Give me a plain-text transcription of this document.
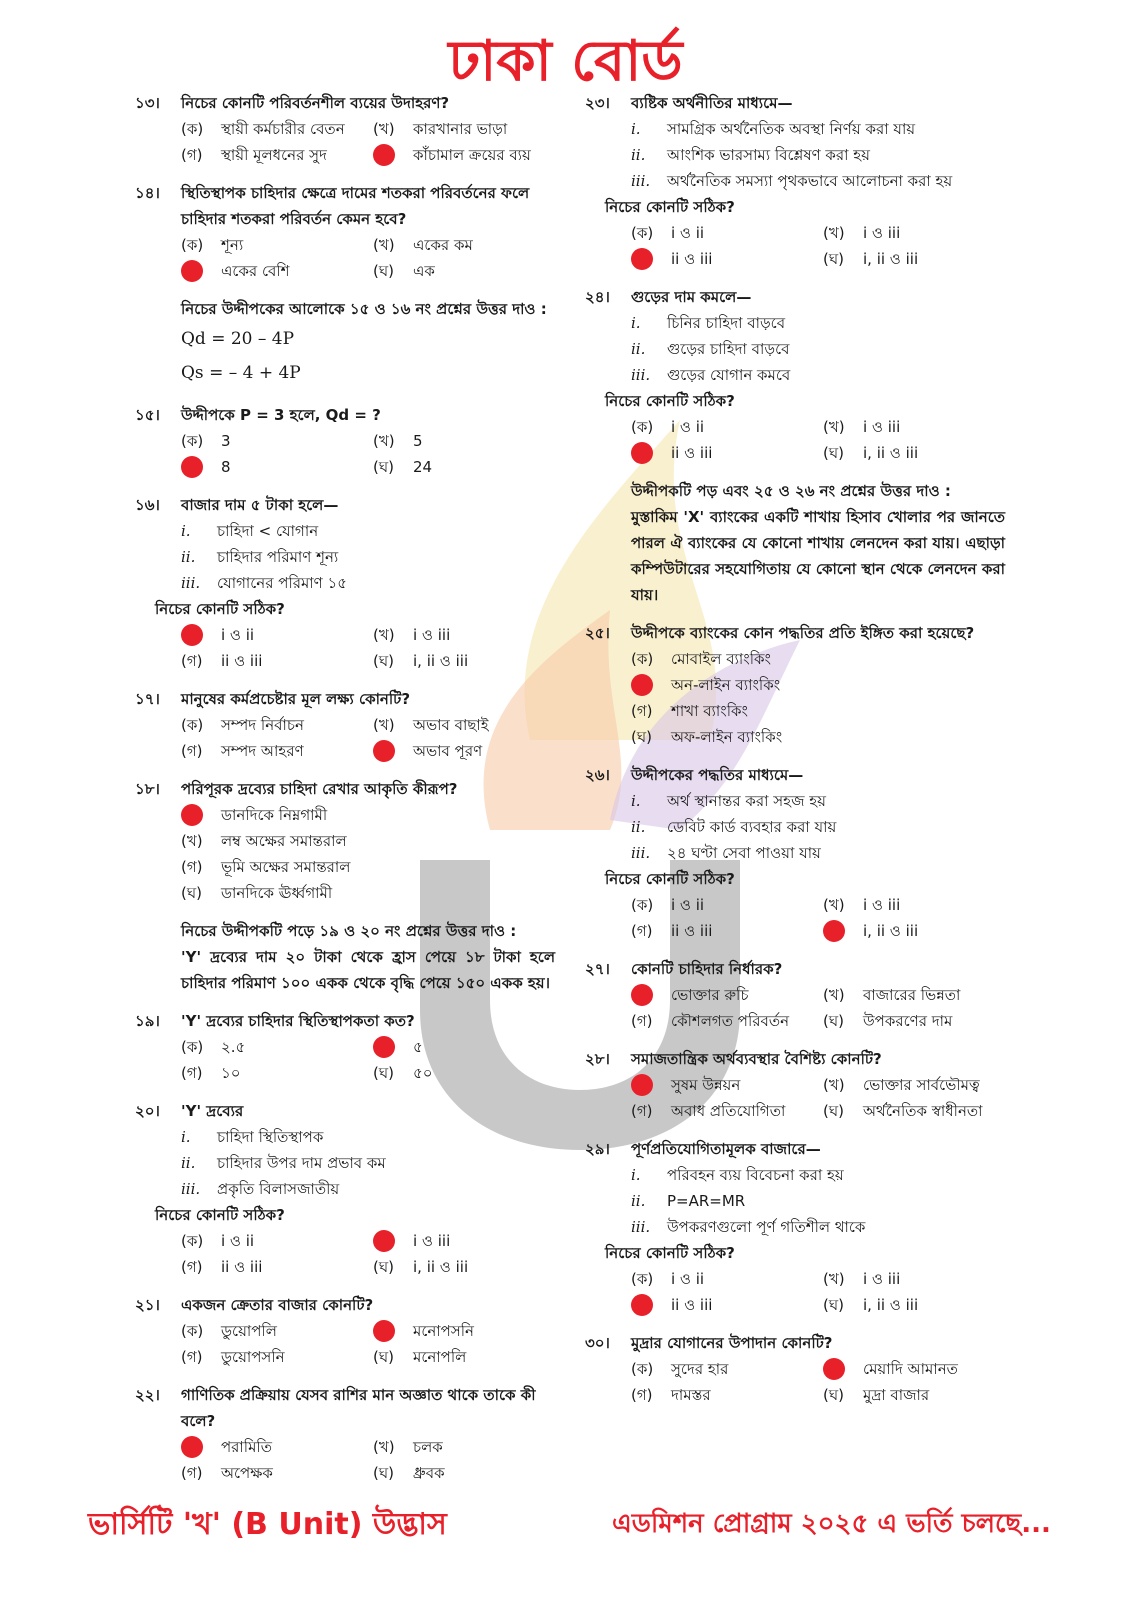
ঢাকা বোর্ড
১৩।	নিচের কোনটি পরিবর্তনশীল ব্যয়ের উদাহরণ?
(ক)	স্থায়ী কর্মচারীর বেতন (খ)	কারখানার ভাড়া
(গ)	স্থায়ী মূলধনের সুদ	কাঁচামাল ক্রয়ের ব্যয়
১৪।	স্থিতিস্থাপক চাহিদার ক্ষেত্রে দামের শতকরা পরিবর্তনের ফলে চাহিদার শতকরা পরিবর্তন কেমন হবে?
(ক)	শূন্য	(খ)	একের কম
একের বেশি	(ঘ)	এক
নিচের উদ্দীপকের আলোকে ১৫ ও ১৬ নং প্রশ্নের উত্তর দাও :
Qd = 20 – 4P
Qs = – 4 + 4P
১৫।	উদ্দীপকে P = 3 হলে, Qd = ?
(ক)	3	(খ)	5
8	(ঘ)	24
১৬।	বাজার দাম ৫ টাকা হলে—
i.	চাহিদা < যোগান
ii.	চাহিদার পরিমাণ শূন্য
iii.	যোগানের পরিমাণ ১৫
নিচের কোনটি সঠিক?
i ও ii	(খ)	i ও iii
(গ)	ii ও iii	(ঘ)	i, ii ও iii
১৭।	মানুষের কর্মপ্রচেষ্টার মূল লক্ষ্য কোনটি?
(ক)	সম্পদ নির্বাচন	(খ)	অভাব বাছাই
(গ)	সম্পদ আহরণ	অভাব পূরণ
১৮।	পরিপূরক দ্রব্যের চাহিদা রেখার আকৃতি কীরূপ?
ডানদিকে নিম্নগামী
(খ)	লম্ব অক্ষের সমান্তরাল
(গ)	ভূমি অক্ষের সমান্তরাল
(ঘ)	ডানদিকে ঊর্ধ্বগামী
নিচের উদ্দীপকটি পড়ে ১৯ ও ২০ নং প্রশ্নের উত্তর দাও :
'Y' দ্রব্যের দাম ২০ টাকা থেকে হ্রাস পেয়ে ১৮ টাকা হলে চাহিদার পরিমাণ ১০০ একক থেকে বৃদ্ধি পেয়ে ১৫০ একক হয়।
১৯।	'Y' দ্রব্যের চাহিদার স্থিতিস্থাপকতা কত?
(ক)	২.৫	৫
(গ)	১০	(ঘ)	৫০
২০।	'Y' দ্রব্যের
i.	চাহিদা স্থিতিস্থাপক
ii.	চাহিদার উপর দাম প্রভাব কম
iii.	প্রকৃতি বিলাসজাতীয়
নিচের কোনটি সঠিক?
(ক)	i ও ii	i ও iii
(গ)	ii ও iii	(ঘ)	i, ii ও iii
২১।	একজন ক্রেতার বাজার কোনটি?
(ক)	ডুয়োপলি	মনোপসনি
(গ)	ডুয়োপসনি	(ঘ)	মনোপলি
২২।	গাণিতিক প্রক্রিয়ায় যেসব রাশির মান অজ্ঞাত থাকে তাকে কী বলে?
পরামিতি	(খ)	চলক
(গ)	অপেক্ষক	(ঘ)	ধ্রুবক
২৩।	ব্যষ্টিক অর্থনীতির মাধ্যমে—
i.	সামগ্রিক অর্থনৈতিক অবস্থা নির্ণয় করা যায়
ii.	আংশিক ভারসাম্য বিশ্লেষণ করা হয়
iii.	অর্থনৈতিক সমস্যা পৃথকভাবে আলোচনা করা হয়
নিচের কোনটি সঠিক?
(ক)	i ও ii	(খ)	i ও iii
ii ও iii	(ঘ)	i, ii ও iii
২৪।	গুড়ের দাম কমলে—
i.	চিনির চাহিদা বাড়বে
ii.	গুড়ের চাহিদা বাড়বে
iii.	গুড়ের যোগান কমবে
নিচের কোনটি সঠিক?
(ক)	i ও ii	(খ)	i ও iii
ii ও iii	(ঘ)	i, ii ও iii
উদ্দীপকটি পড় এবং ২৫ ও ২৬ নং প্রশ্নের উত্তর দাও :
মুস্তাকিম 'X' ব্যাংকের একটি শাখায় হিসাব খোলার পর জানতে পারল ঐ ব্যাংকের যে কোনো শাখায় লেনদেন করা যায়। এছাড়া কম্পিউটারের সহযোগিতায় যে কোনো স্থান থেকে লেনদেন করা যায়।
২৫।	উদ্দীপকে ব্যাংকের কোন পদ্ধতির প্রতি ইঙ্গিত করা হয়েছে?
(ক)	মোবাইল ব্যাংকিং
অন-লাইন ব্যাংকিং
(গ)	শাখা ব্যাংকিং
(ঘ)	অফ-লাইন ব্যাংকিং
২৬।	উদ্দীপকের পদ্ধতির মাধ্যমে—
i.	অর্থ স্থানান্তর করা সহজ হয়
ii.	ডেবিট কার্ড ব্যবহার করা যায়
iii.	২৪ ঘণ্টা সেবা পাওয়া যায়
নিচের কোনটি সঠিক?
(ক)	i ও ii	(খ)	i ও iii
(গ)	ii ও iii	i, ii ও iii
২৭।	কোনটি চাহিদার নির্ধারক?
ভোক্তার রুচি	(খ)	বাজারের ভিন্নতা
(গ)	কৌশলগত পরিবর্তন (ঘ)	উপকরণের দাম
২৮।	সমাজতান্ত্রিক অর্থব্যবস্থার বৈশিষ্ট্য কোনটি?
সুষম উন্নয়ন	(খ)	ভোক্তার সার্বভৌমত্ব
(গ)	অবাধ প্রতিযোগিতা	(ঘ)	অর্থনৈতিক স্বাধীনতা
২৯।	পূর্ণপ্রতিযোগিতামূলক বাজারে—
i.	পরিবহন ব্যয় বিবেচনা করা হয়
ii.	P=AR=MR
iii.	উপকরণগুলো পূর্ণ গতিশীল থাকে
নিচের কোনটি সঠিক?
(ক)	i ও ii	(খ)	i ও iii
ii ও iii	(ঘ)	i, ii ও iii
৩০।	মুদ্রার যোগানের উপাদান কোনটি?
(ক)	সুদের হার	মেয়াদি আমানত
(গ)	দামস্তর	(ঘ)	মুদ্রা বাজার
ভার্সিটি 'খ' (B Unit) উদ্ভাস	এডমিশন প্রোগ্রাম ২০২৫ এ ভর্তি চলছে...
